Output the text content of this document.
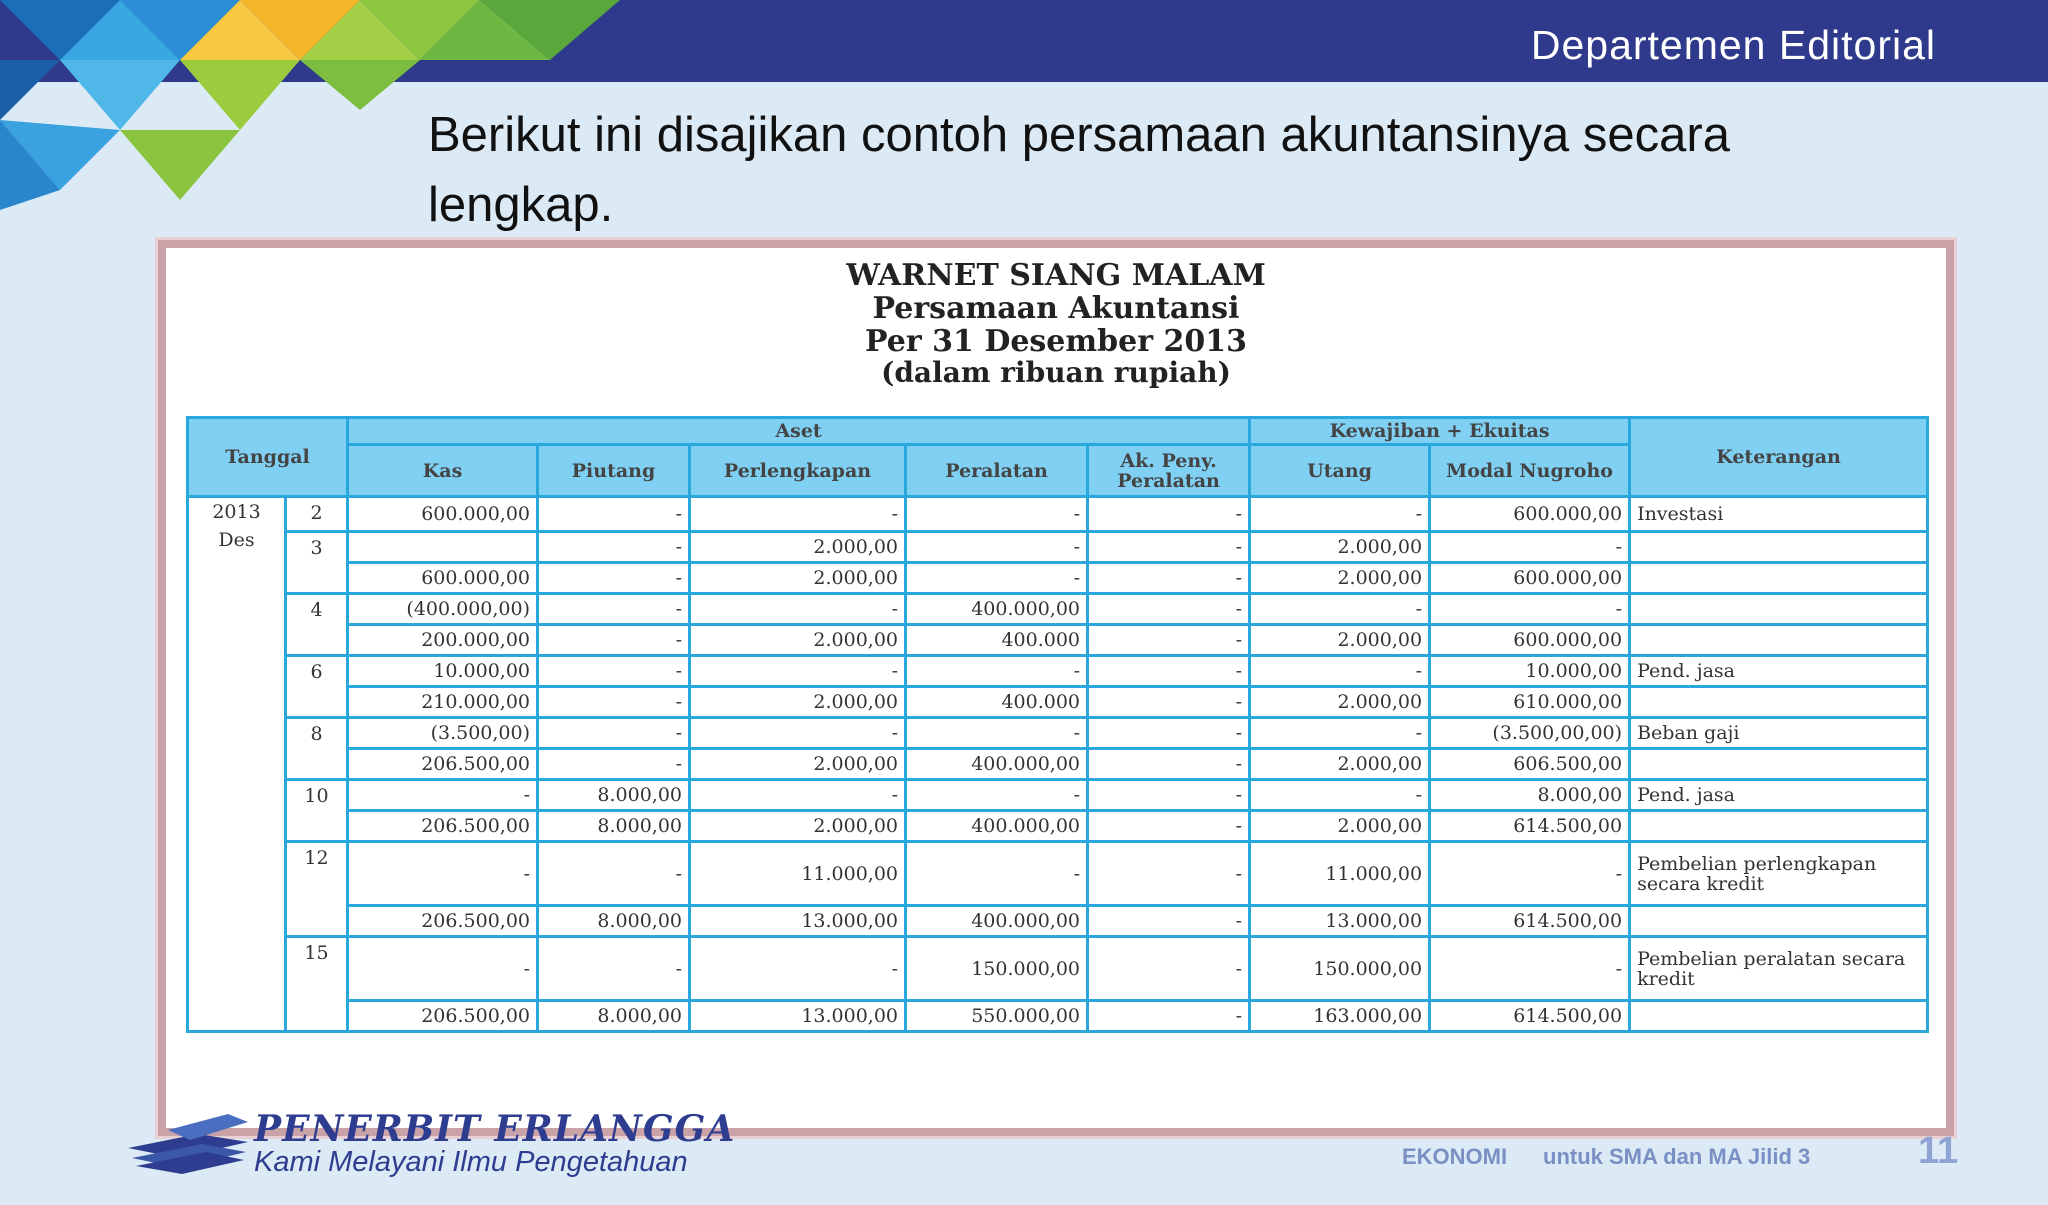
Departemen Editorial
Berikut ini disajikan contoh persamaan akuntansinya secara lengkap.
WARNET SIANG MALAM
Persamaan Akuntansi
Per 31 Desember 2013
(dalam ribuan rupiah)
Tanggal		Aset					Kewajiban + Ekuitas		Keterangan
		Kas	Piutang	Perlengkapan	Peralatan	Ak. Peny. Peralatan	Utang	Modal Nugroho	

2013
Des	2	600.000,00	-	-	-	-	-	600.000,00	Investasi
	3		-	2.000,00	-	-	2.000,00	-	
		600.000,00	-	2.000,00	-	-	2.000,00	600.000,00	
	4	(400.000,00)	-	-	400.000,00	-	-	-	
		200.000,00	-	2.000,00	400.000	-	2.000,00	600.000,00	
	6	10.000,00	-	-	-	-	-	10.000,00	Pend. jasa
		210.000,00	-	2.000,00	400.000	-	2.000,00	610.000,00	
	8	(3.500,00)	-	-	-	-	-	(3.500,00,00)	Beban gaji
		206.500,00	-	2.000,00	400.000,00	-	2.000,00	606.500,00	
	10	-	8.000,00	-	-	-	-	8.000,00	Pend. jasa
		206.500,00	8.000,00	2.000,00	400.000,00	-	2.000,00	614.500,00	
	12	-	-	11.000,00	-	-	11.000,00	-	Pembelian perlengkapan secara kredit
		206.500,00	8.000,00	13.000,00	400.000,00	-	13.000,00	614.500,00	
	15	-	-	-	150.000,00	-	150.000,00	-	Pembelian peralatan secara kredit
		206.500,00	8.000,00	13.000,00	550.000,00	-	163.000,00	614.500,00	
PENERBIT ERLANGGA
Kami Melayani Ilmu Pengetahuan	EKONOMI untuk SMA dan MA Jilid 3	11
